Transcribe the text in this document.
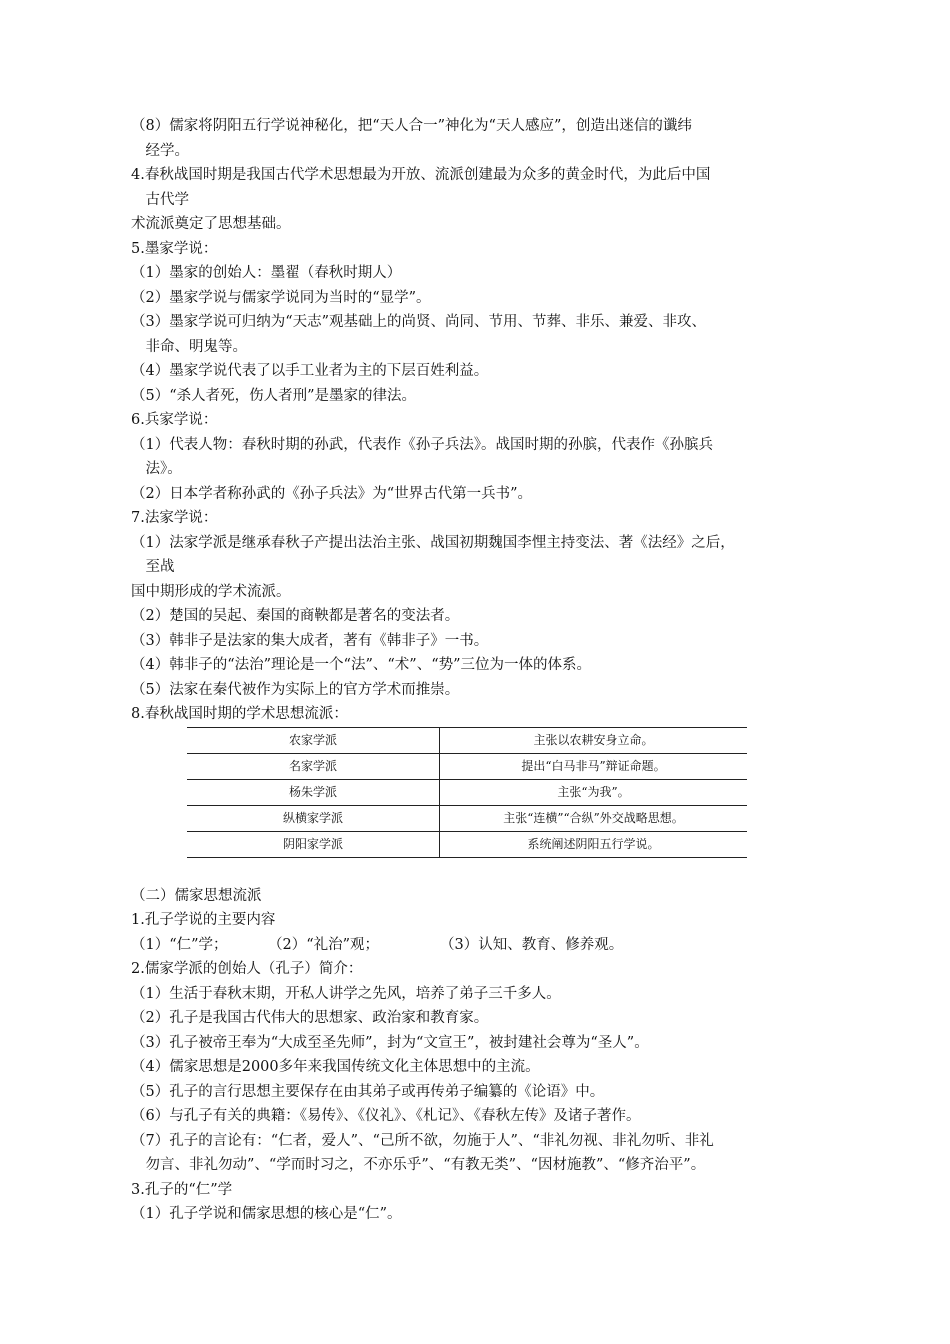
（8）儒家将阴阳五行学说神秘化，把“天人合一”神化为“天人感应”，创造出迷信的谶纬
经学。
4.春秋战国时期是我国古代学术思想最为开放、流派创建最为众多的黄金时代，为此后中国
古代学
术流派奠定了思想基础。
5.墨家学说：
（1）墨家的创始人：墨翟（春秋时期人）
（2）墨家学说与儒家学说同为当时的“显学”。
（3）墨家学说可归纳为“天志”观基础上的尚贤、尚同、节用、节葬、非乐、兼爱、非攻、
非命、明鬼等。
（4）墨家学说代表了以手工业者为主的下层百姓利益。
（5）“杀人者死，伤人者刑”是墨家的律法。
6.兵家学说：
（1）代表人物：春秋时期的孙武，代表作《孙子兵法》。战国时期的孙膑，代表作《孙膑兵
法》。
（2）日本学者称孙武的《孙子兵法》为“世界古代第一兵书”。
7.法家学说：
（1）法家学派是继承春秋子产提出法治主张、战国初期魏国李悝主持变法、著《法经》之后，
至战
国中期形成的学术流派。
（2）楚国的吴起、秦国的商鞅都是著名的变法者。
（3）韩非子是法家的集大成者，著有《韩非子》一书。
（4）韩非子的“法治”理论是一个“法”、“术”、“势”三位为一体的体系。
（5）法家在秦代被作为实际上的官方学术而推崇。
8.春秋战国时期的学术思想流派：
农家学派	主张以农耕安身立命。
名家学派	提出“白马非马”辩证命题。
杨朱学派	主张“为我”。
纵横家学派	主张“连横”“合纵”外交战略思想。
阴阳家学派	系统阐述阴阳五行学说。
（二）儒家思想流派
1.孔子学说的主要内容
（1）“仁”学；	（2）“礼治”观；	（3）认知、教育、修养观。
2.儒家学派的创始人（孔子）简介：
（1）生活于春秋末期，开私人讲学之先风，培养了弟子三千多人。
（2）孔子是我国古代伟大的思想家、政治家和教育家。
（3）孔子被帝王奉为“大成至圣先师”，封为“文宣王”，被封建社会尊为“圣人”。
（4）儒家思想是2000多年来我国传统文化主体思想中的主流。
（5）孔子的言行思想主要保存在由其弟子或再传弟子编纂的《论语》中。
（6）与孔子有关的典籍：《易传》、《仪礼》、《札记》、《春秋左传》及诸子著作。
（7）孔子的言论有：“仁者，爱人”、“己所不欲，勿施于人”、“非礼勿视、非礼勿听、非礼
勿言、非礼勿动”、“学而时习之，不亦乐乎”、“有教无类”、“因材施教”、“修齐治平”。
3.孔子的“仁”学
（1）孔子学说和儒家思想的核心是“仁”。
